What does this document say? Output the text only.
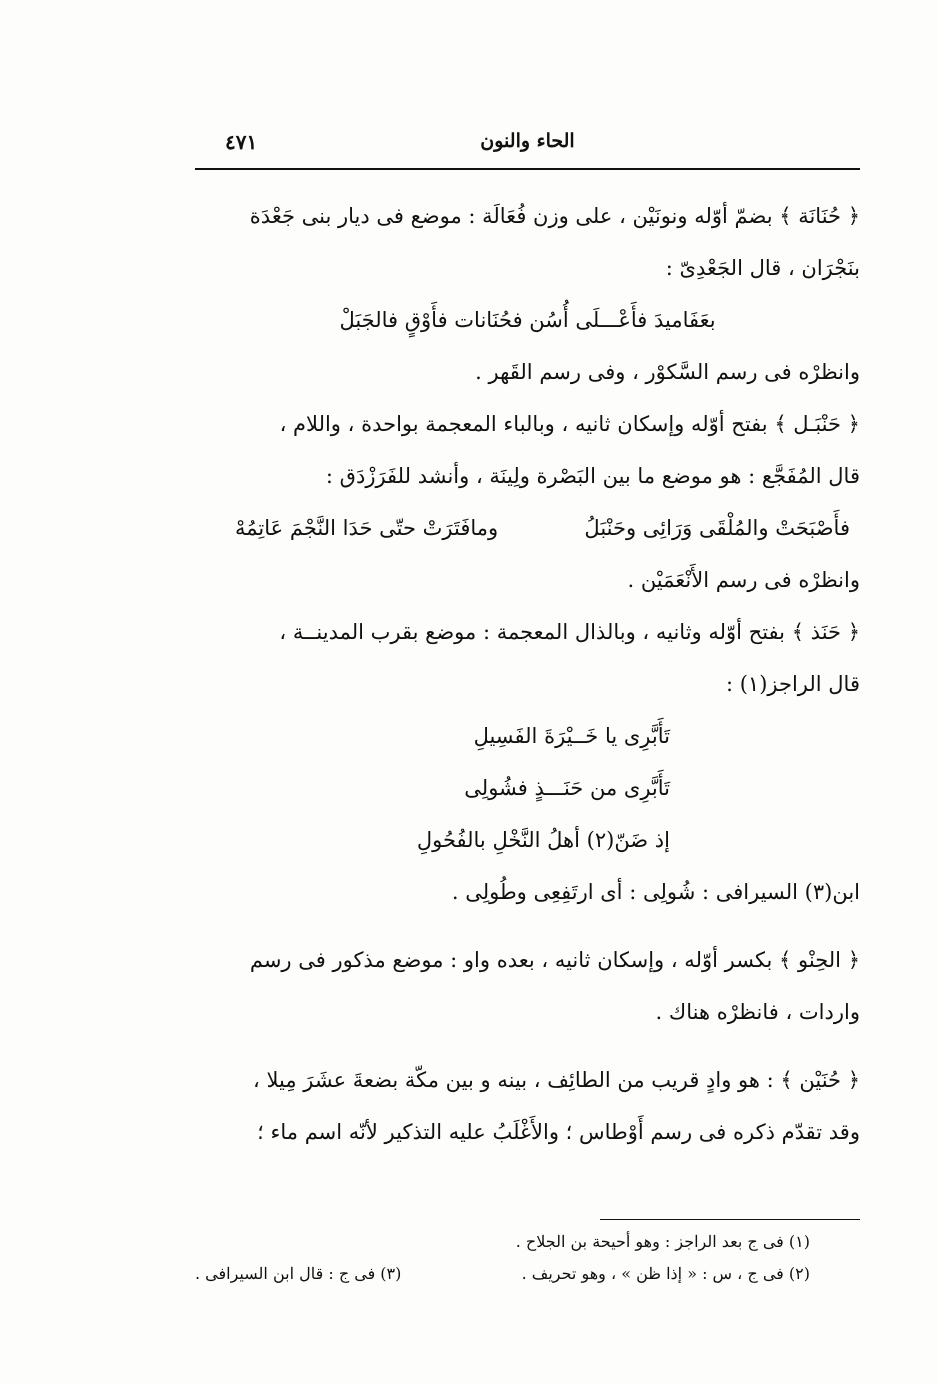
الحاء والنون
٤٧١

﴿ حُنَانَة ﴾ بضمّ أوّله ونونَيْن ، على وزن فُعَالَة : موضع فى ديار بنى جَعْدَة

بنَجْرَان ، قال الجَعْدِىّ :

بعَفَاميدَ فأَعْـــلَى أُسُن فحُنَانات فأَوْقٍ فالجَبَلْ

وانظرْه فى رسم السَّكوْر ، وفى رسم القَهر .

﴿ حَنْبَـل ﴾ بفتح أوّله وإسكان ثانيه ، وبالباء المعجمة بواحدة ، واللام ،

قال المُفَجَّع : هو موضع ما بين البَصْرة ولِينَة ، وأنشد للفَرَزْدَق :

فأَصْبَحَتْ والمُلْقَى وَرَائِى وحَنْبَلُ
ومافَتَرَتْ حتّى حَدَا النَّجْمَ عَاتِمُهْ

وانظرْه فى رسم الأَنْعَمَيْن .

﴿ حَنَذ ﴾ بفتح أوّله وثانيه ، وبالذال المعجمة : موضع بقرب المدينــة ،

قال الراجز(١) :

تَأَبَّرِى يا خَــيْرَةَ الفَسِيلِ
تَأَبَّرِى من حَنَـــذٍ فشُولِى
إذ ضَنّ(٢) أهلُ النَّخْلِ بالفُحُولِ

ابن(٣) السيرافى : شُولِى : أى ارتَفِعِى وطُولِى .

﴿ الحِنْو ﴾ بكسر أوّله ، وإسكان ثانيه ، بعده واو : موضع مذكور فى رسم

واردات ، فانظرْه هناك .

﴿ حُنَيْن ﴾ : هو وادٍ قريب من الطائِف ، بينه و بين مكّة بضعةَ عشَرَ مِيلا ،

وقد تقدّم ذكره فى رسم أَوْطاس ؛ والأَغْلَبُ عليه التذكير لأنّه اسم ماء ؛

(١) فى ج بعد الراجز : وهو أحيحة بن الجلاح .
(٢) فى ج ، س : « إذا ظن » ، وهو تحريف .
(٣) فى ج : قال ابن السيرافى .
